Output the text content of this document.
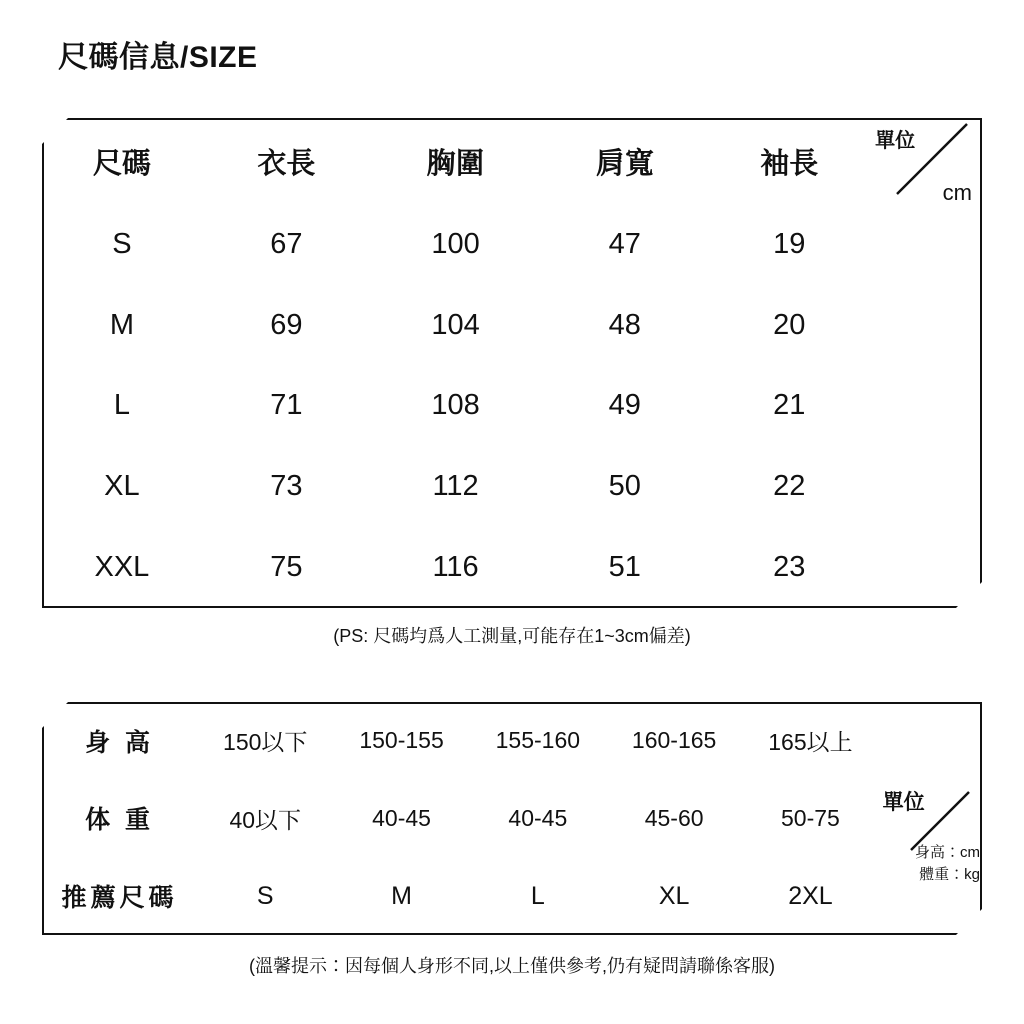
尺碼信息/SIZE
尺碼	衣長	胸圍	肩寬	袖長	單位
cm

S	67	100	47	19	
M	69	104	48	20	
L	71	108	49	21	
XL	73	112	50	22	
XXL	75	116	51	23	
(PS: 尺碼均爲人工測量,可能存在1~3cm偏差)
身 高	150以下	150-155	155-160	160-165	165以上	單位
身高：cm
體重：kg

体 重	40以下	40-45	40-45	45-60	50-75	
推薦尺碼	S	M	L	XL	2XL	
(溫馨提示：因每個人身形不同,以上僅供參考,仍有疑問請聯係客服)
